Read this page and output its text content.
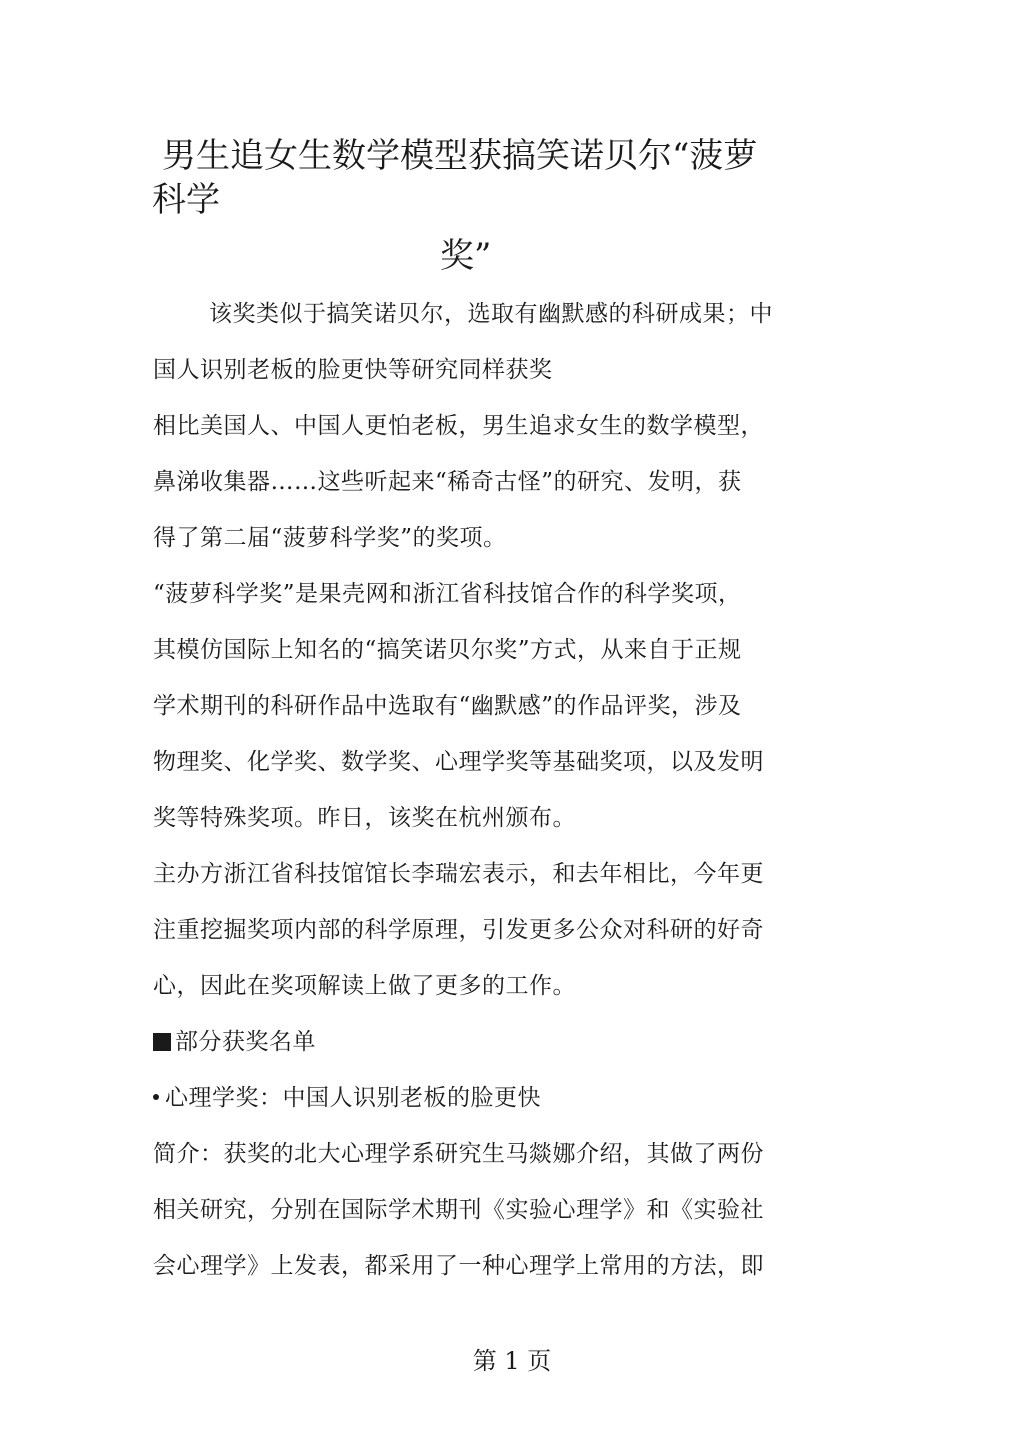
男生追女生数学模型获搞笑诺贝尔“菠萝
科学
奖”
该奖类似于搞笑诺贝尔，选取有幽默感的科研成果；中
国人识别老板的脸更快等研究同样获奖
相比美国人、中国人更怕老板，男生追求女生的数学模型，
鼻涕收集器……这些听起来“稀奇古怪”的研究、发明，获
得了第二届“菠萝科学奖”的奖项。
“菠萝科学奖”是果壳网和浙江省科技馆合作的科学奖项，
其模仿国际上知名的“搞笑诺贝尔奖”方式，从来自于正规
学术期刊的科研作品中选取有“幽默感”的作品评奖，涉及
物理奖、化学奖、数学奖、心理学奖等基础奖项，以及发明
奖等特殊奖项。昨日，该奖在杭州颁布。
主办方浙江省科技馆馆长李瑞宏表示，和去年相比，今年更
注重挖掘奖项内部的科学原理，引发更多公众对科研的好奇
心，因此在奖项解读上做了更多的工作。
部分获奖名单
心理学奖：中国人识别老板的脸更快
简介：获奖的北大心理学系研究生马燚娜介绍，其做了两份
相关研究，分别在国际学术期刊《实验心理学》和《实验社
会心理学》上发表，都采用了一种心理学上常用的方法，即
第 1 页
